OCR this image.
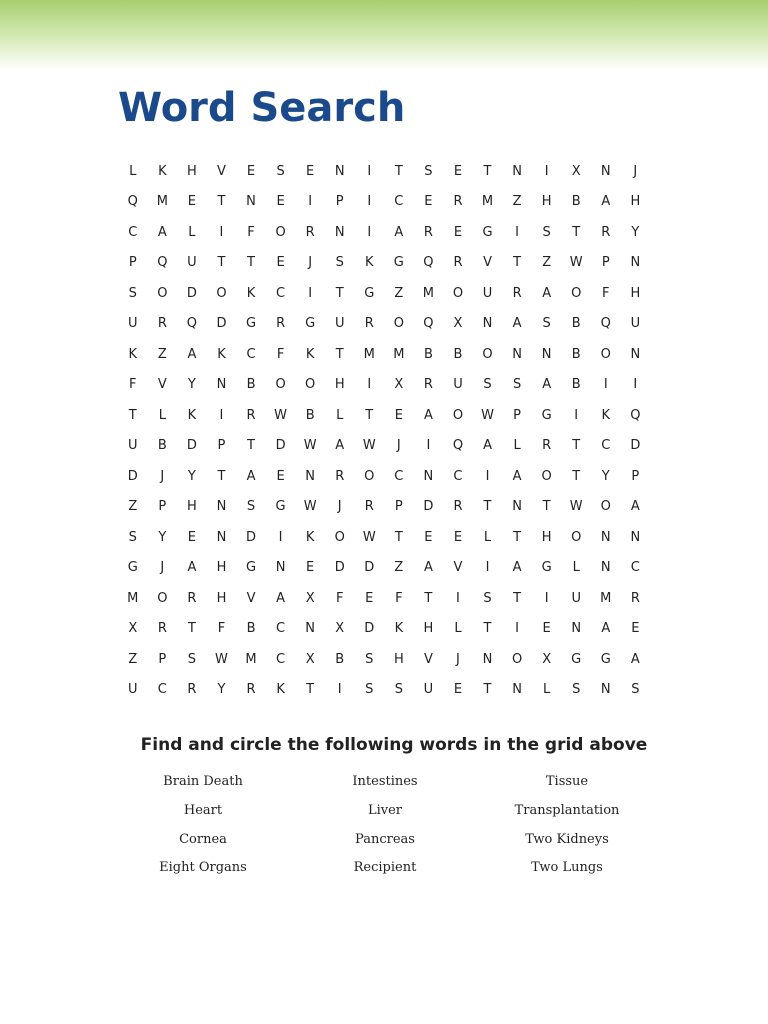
Word Search
L	K	H	V	E	S	E	N	I	T	S	E	T	N	I	X	N	J
Q	M	E	T	N	E	I	P	I	C	E	R	M	Z	H	B	A	H
C	A	L	I	F	O	R	N	I	A	R	E	G	I	S	T	R	Y
P	Q	U	T	T	E	J	S	K	G	Q	R	V	T	Z	W	P	N
S	O	D	O	K	C	I	T	G	Z	M	O	U	R	A	O	F	H
U	R	Q	D	G	R	G	U	R	O	Q	X	N	A	S	B	Q	U
K	Z	A	K	C	F	K	T	M	M	B	B	O	N	N	B	O	N
F	V	Y	N	B	O	O	H	I	X	R	U	S	S	A	B	I	I
T	L	K	I	R	W	B	L	T	E	A	O	W	P	G	I	K	Q
U	B	D	P	T	D	W	A	W	J	I	Q	A	L	R	T	C	D
D	J	Y	T	A	E	N	R	O	C	N	C	I	A	O	T	Y	P
Z	P	H	N	S	G	W	J	R	P	D	R	T	N	T	W	O	A
S	Y	E	N	D	I	K	O	W	T	E	E	L	T	H	O	N	N
G	J	A	H	G	N	E	D	D	Z	A	V	I	A	G	L	N	C
M	O	R	H	V	A	X	F	E	F	T	I	S	T	I	U	M	R
X	R	T	F	B	C	N	X	D	K	H	L	T	I	E	N	A	E
Z	P	S	W	M	C	X	B	S	H	V	J	N	O	X	G	G	A
U	C	R	Y	R	K	T	I	S	S	U	E	T	N	L	S	N	S

Find and circle the following words in the grid above

Brain Death	Intestines	Tissue
Heart	Liver	Transplantation
Cornea	Pancreas	Two Kidneys
Eight Organs	Recipient	Two Lungs
